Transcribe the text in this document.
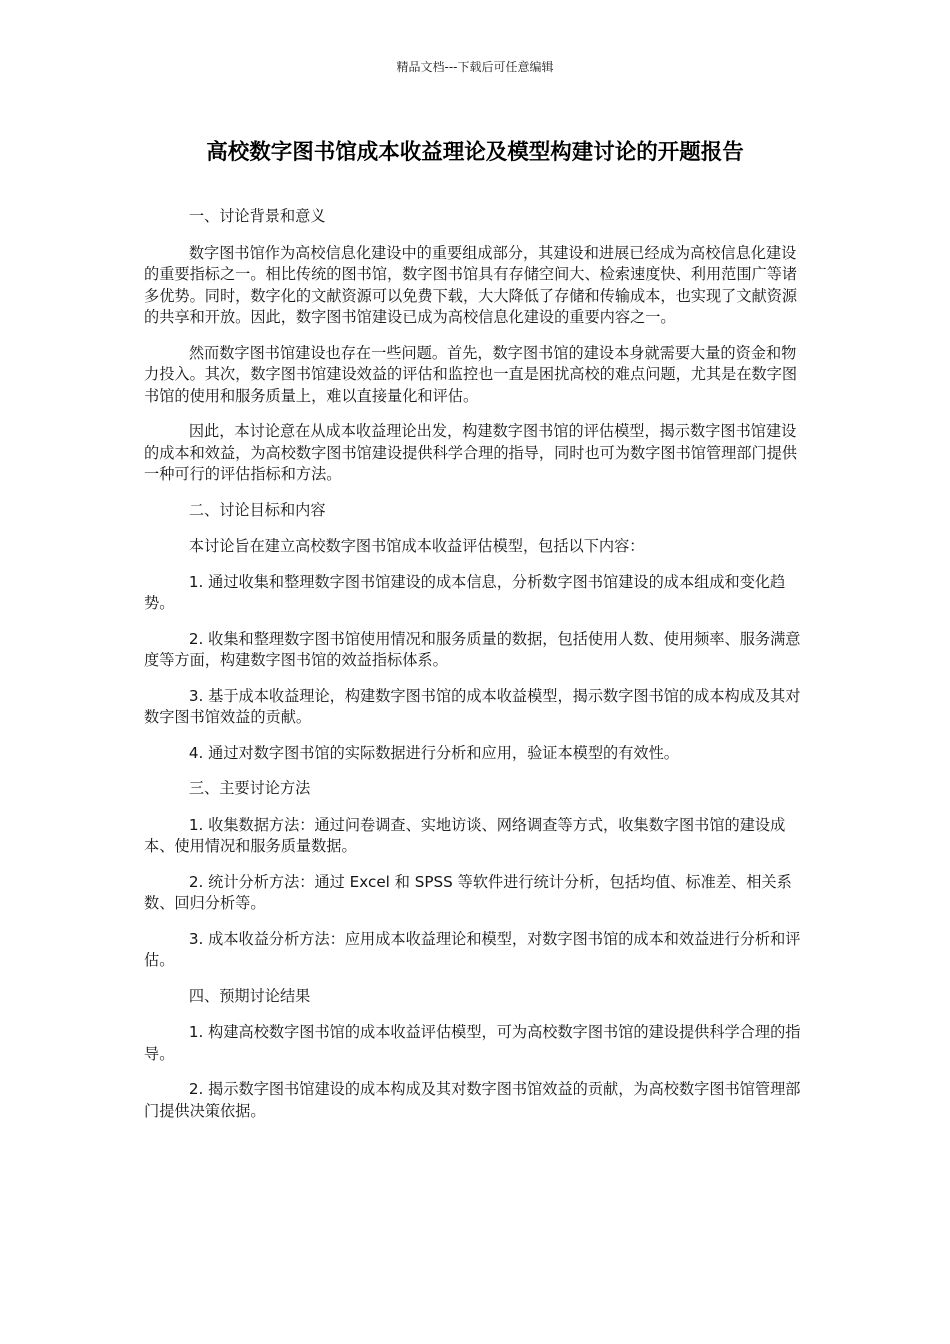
精品文档---下载后可任意编辑
高校数字图书馆成本收益理论及模型构建讨论的开题报告

一、讨论背景和意义

数字图书馆作为高校信息化建设中的重要组成部分，其建设和进展已经成为高校信息化建设的重要指标之一。相比传统的图书馆，数字图书馆具有存储空间大、检索速度快、利用范围广等诸多优势。同时，数字化的文献资源可以免费下载，大大降低了存储和传输成本，也实现了文献资源的共享和开放。因此，数字图书馆建设已成为高校信息化建设的重要内容之一。

然而数字图书馆建设也存在一些问题。首先，数字图书馆的建设本身就需要大量的资金和物力投入。其次，数字图书馆建设效益的评估和监控也一直是困扰高校的难点问题，尤其是在数字图书馆的使用和服务质量上，难以直接量化和评估。

因此，本讨论意在从成本收益理论出发，构建数字图书馆的评估模型，揭示数字图书馆建设的成本和效益，为高校数字图书馆建设提供科学合理的指导，同时也可为数字图书馆管理部门提供一种可行的评估指标和方法。

二、讨论目标和内容

本讨论旨在建立高校数字图书馆成本收益评估模型，包括以下内容：

1. 通过收集和整理数字图书馆建设的成本信息，分析数字图书馆建设的成本组成和变化趋势。

2. 收集和整理数字图书馆使用情况和服务质量的数据，包括使用人数、使用频率、服务满意度等方面，构建数字图书馆的效益指标体系。

3. 基于成本收益理论，构建数字图书馆的成本收益模型，揭示数字图书馆的成本构成及其对数字图书馆效益的贡献。

4. 通过对数字图书馆的实际数据进行分析和应用，验证本模型的有效性。

三、主要讨论方法

1. 收集数据方法：通过问卷调查、实地访谈、网络调查等方式，收集数字图书馆的建设成本、使用情况和服务质量数据。

2. 统计分析方法：通过 Excel 和 SPSS 等软件进行统计分析，包括均值、标准差、相关系数、回归分析等。

3. 成本收益分析方法：应用成本收益理论和模型，对数字图书馆的成本和效益进行分析和评估。

四、预期讨论结果

1. 构建高校数字图书馆的成本收益评估模型，可为高校数字图书馆的建设提供科学合理的指导。

2. 揭示数字图书馆建设的成本构成及其对数字图书馆效益的贡献，为高校数字图书馆管理部门提供决策依据。
